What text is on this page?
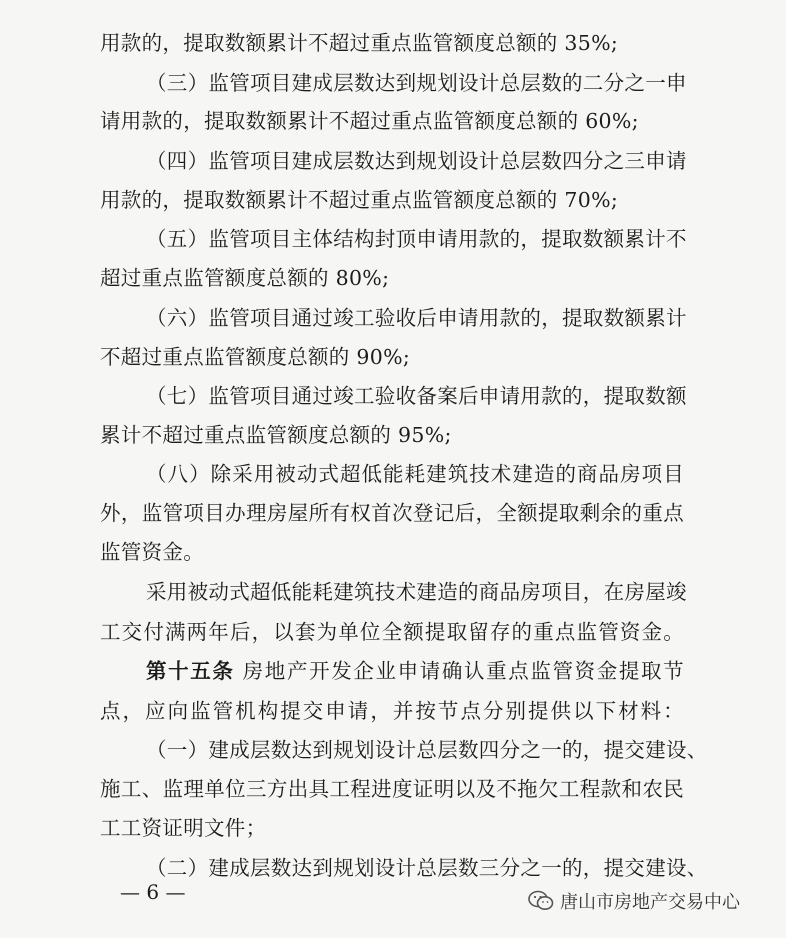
用款的，提取数额累计不超过重点监管额度总额的 35%;
（三）监管项目建成层数达到规划设计总层数的二分之一申
请用款的，提取数额累计不超过重点监管额度总额的 60%;
（四）监管项目建成层数达到规划设计总层数四分之三申请
用款的，提取数额累计不超过重点监管额度总额的 70%;
（五）监管项目主体结构封顶申请用款的，提取数额累计不
超过重点监管额度总额的 80%;
（六）监管项目通过竣工验收后申请用款的，提取数额累计
不超过重点监管额度总额的 90%;
（七）监管项目通过竣工验收备案后申请用款的，提取数额
累计不超过重点监管额度总额的 95%;
（八）除采用被动式超低能耗建筑技术建造的商品房项目
外，监管项目办理房屋所有权首次登记后，全额提取剩余的重点
监管资金。
采用被动式超低能耗建筑技术建造的商品房项目，在房屋竣
工交付满两年后，以套为单位全额提取留存的重点监管资金。
第十五条 房地产开发企业申请确认重点监管资金提取节
点，应向监管机构提交申请，并按节点分别提供以下材料：
（一）建成层数达到规划设计总层数四分之一的，提交建设、
施工、监理单位三方出具工程进度证明以及不拖欠工程款和农民
工工资证明文件；
（二）建成层数达到规划设计总层数三分之一的，提交建设、
— 6 —	唐山市房地产交易中心
